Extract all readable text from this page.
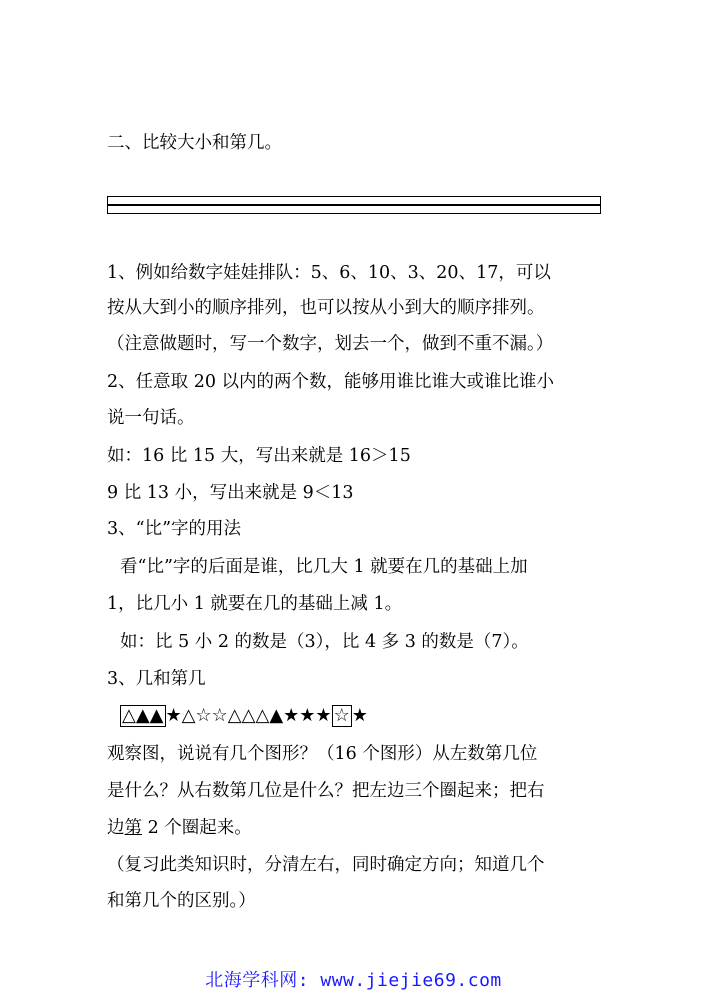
二、比较大小和第几。
1、例如给数字娃娃排队：5、6、10、3、20、17，可以
按从大到小的顺序排列，也可以按从小到大的顺序排列。
（注意做题时，写一个数字，划去一个，做到不重不漏。）
2、任意取 20 以内的两个数，能够用谁比谁大或谁比谁小
说一句话。
如：16 比 15 大，写出来就是 16＞15
9 比 13 小，写出来就是 9＜13
3、“比”字的用法
看“比”字的后面是谁，比几大 1 就要在几的基础上加
1，比几小 1 就要在几的基础上减 1。
如：比 5 小 2 的数是（3），比 4 多 3 的数是（7）。
3、几和第几
△▲▲ ★△☆☆△△△▲★★★ ☆ ★
观察图，说说有几个图形？（16 个图形）从左数第几位
是什么？从右数第几位是什么？把左边三个圈起来；把右
边第 2 个圈起来。
（复习此类知识时，分清左右，同时确定方向；知道几个
和第几个的区别。）
北海学科网: www.jiejie69.com
